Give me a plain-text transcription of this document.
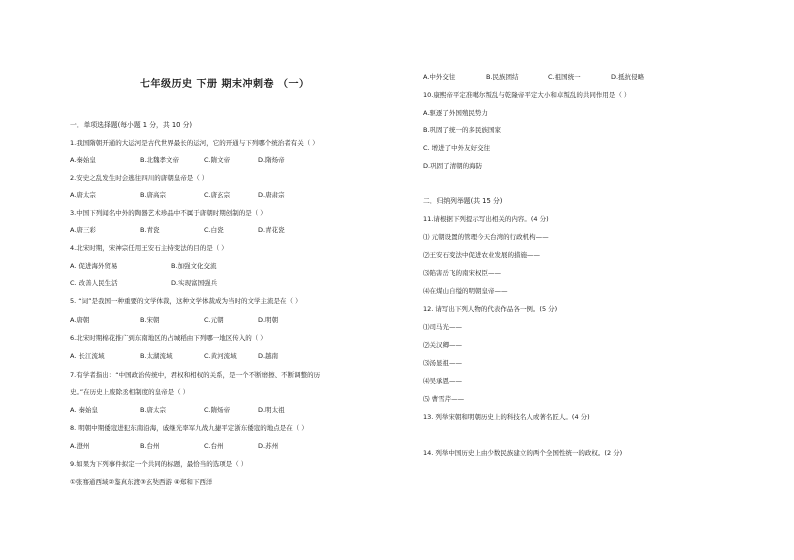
七年级历史 下册 期末冲刺卷 （一）
一．单项选择题(每小题 1 分，共 10 分)
1.我国隋朝开通的大运河是古代世界最长的运河，它的开通与下列哪个统治者有关（ ）
A.秦始皇	B.北魏孝文帝	C.隋文帝	D.隋炀帝
2.安史之乱发生时会逃往四川的唐朝皇帝是（ ）
A.唐太宗	B.唐高宗	C.唐玄宗	D.唐肃宗
3.中国下列闻名中外的陶器艺术珍品中不属于唐朝时期创制的是（ ）
A.唐三彩	B.青瓷	C.白瓷	D.青花瓷
4.北宋时期，宋神宗任用王安石主持变法的目的是（ ）
A. 促进海外贸易	B.加强文化交流
C. 改善人民生活	D.实现富国强兵
5. “词”是我国一种重要的文学体裁，这种文学体裁成为当时的文学主流是在（ ）
A.唐朝	B.宋朝	C.元朝	D.明朝
6.北宋时期棉花推广到东南地区的占城稻由下列哪一地区传入的（ ）
A. 长江流域	B.太湖流域	C.黄河流域	D.越南
7.有学者指出：“中国政治传统中，君权和相权的关系，是一个不断磨擦、不断调整的历
史。”在历史上废除丞相制度的皇帝是（ ）
A. 秦始皇	B.唐太宗	C.隋炀帝	D.明太祖
8. 明朝中期倭寇进犯东南沿海，戚继光率军九战九捷平定浙东倭寇的地点是在（ ）
A.澄州	B.台州	C.台州	D.苏州
9.如果为下列事件拟定一个共同的标题，最恰当的选项是（ ）
①张骞通西域②鉴真东渡③玄奘西游 ④郑和下西洋
A.中外交往	B.民族团结	C.祖国统一	D.抵抗侵略
10.康熙帝平定准噶尔叛乱与乾隆帝平定大小和卓叛乱的共同作用是（ ）
A.驱逐了外国殖民势力
B.巩固了统一的多民族国家
C. 增进了中外友好交往
D.巩固了清朝的海防
二．归纳列举题(共 15 分)
11.请根据下列提示写出相关的内容。(4 分)
⑴ 元朝设置的管理今天台湾的行政机构——
⑵王安石变法中促进农业发展的措施——
⑶陷害岳飞的南宋权臣——
⑷在煤山自缢的明朝皇帝——
12. 请写出下列人物的代表作品各一例。(5 分)
⑴司马光——
⑵关汉卿——
⑶汤显祖——
⑷吴承恩——
⑸ 曹雪芹——
13. 列举宋朝和明朝历史上的科技名人或著名匠人。(4 分)
14. 列举中国历史上由少数民族建立的两个全国性统一的政权。(2 分)
